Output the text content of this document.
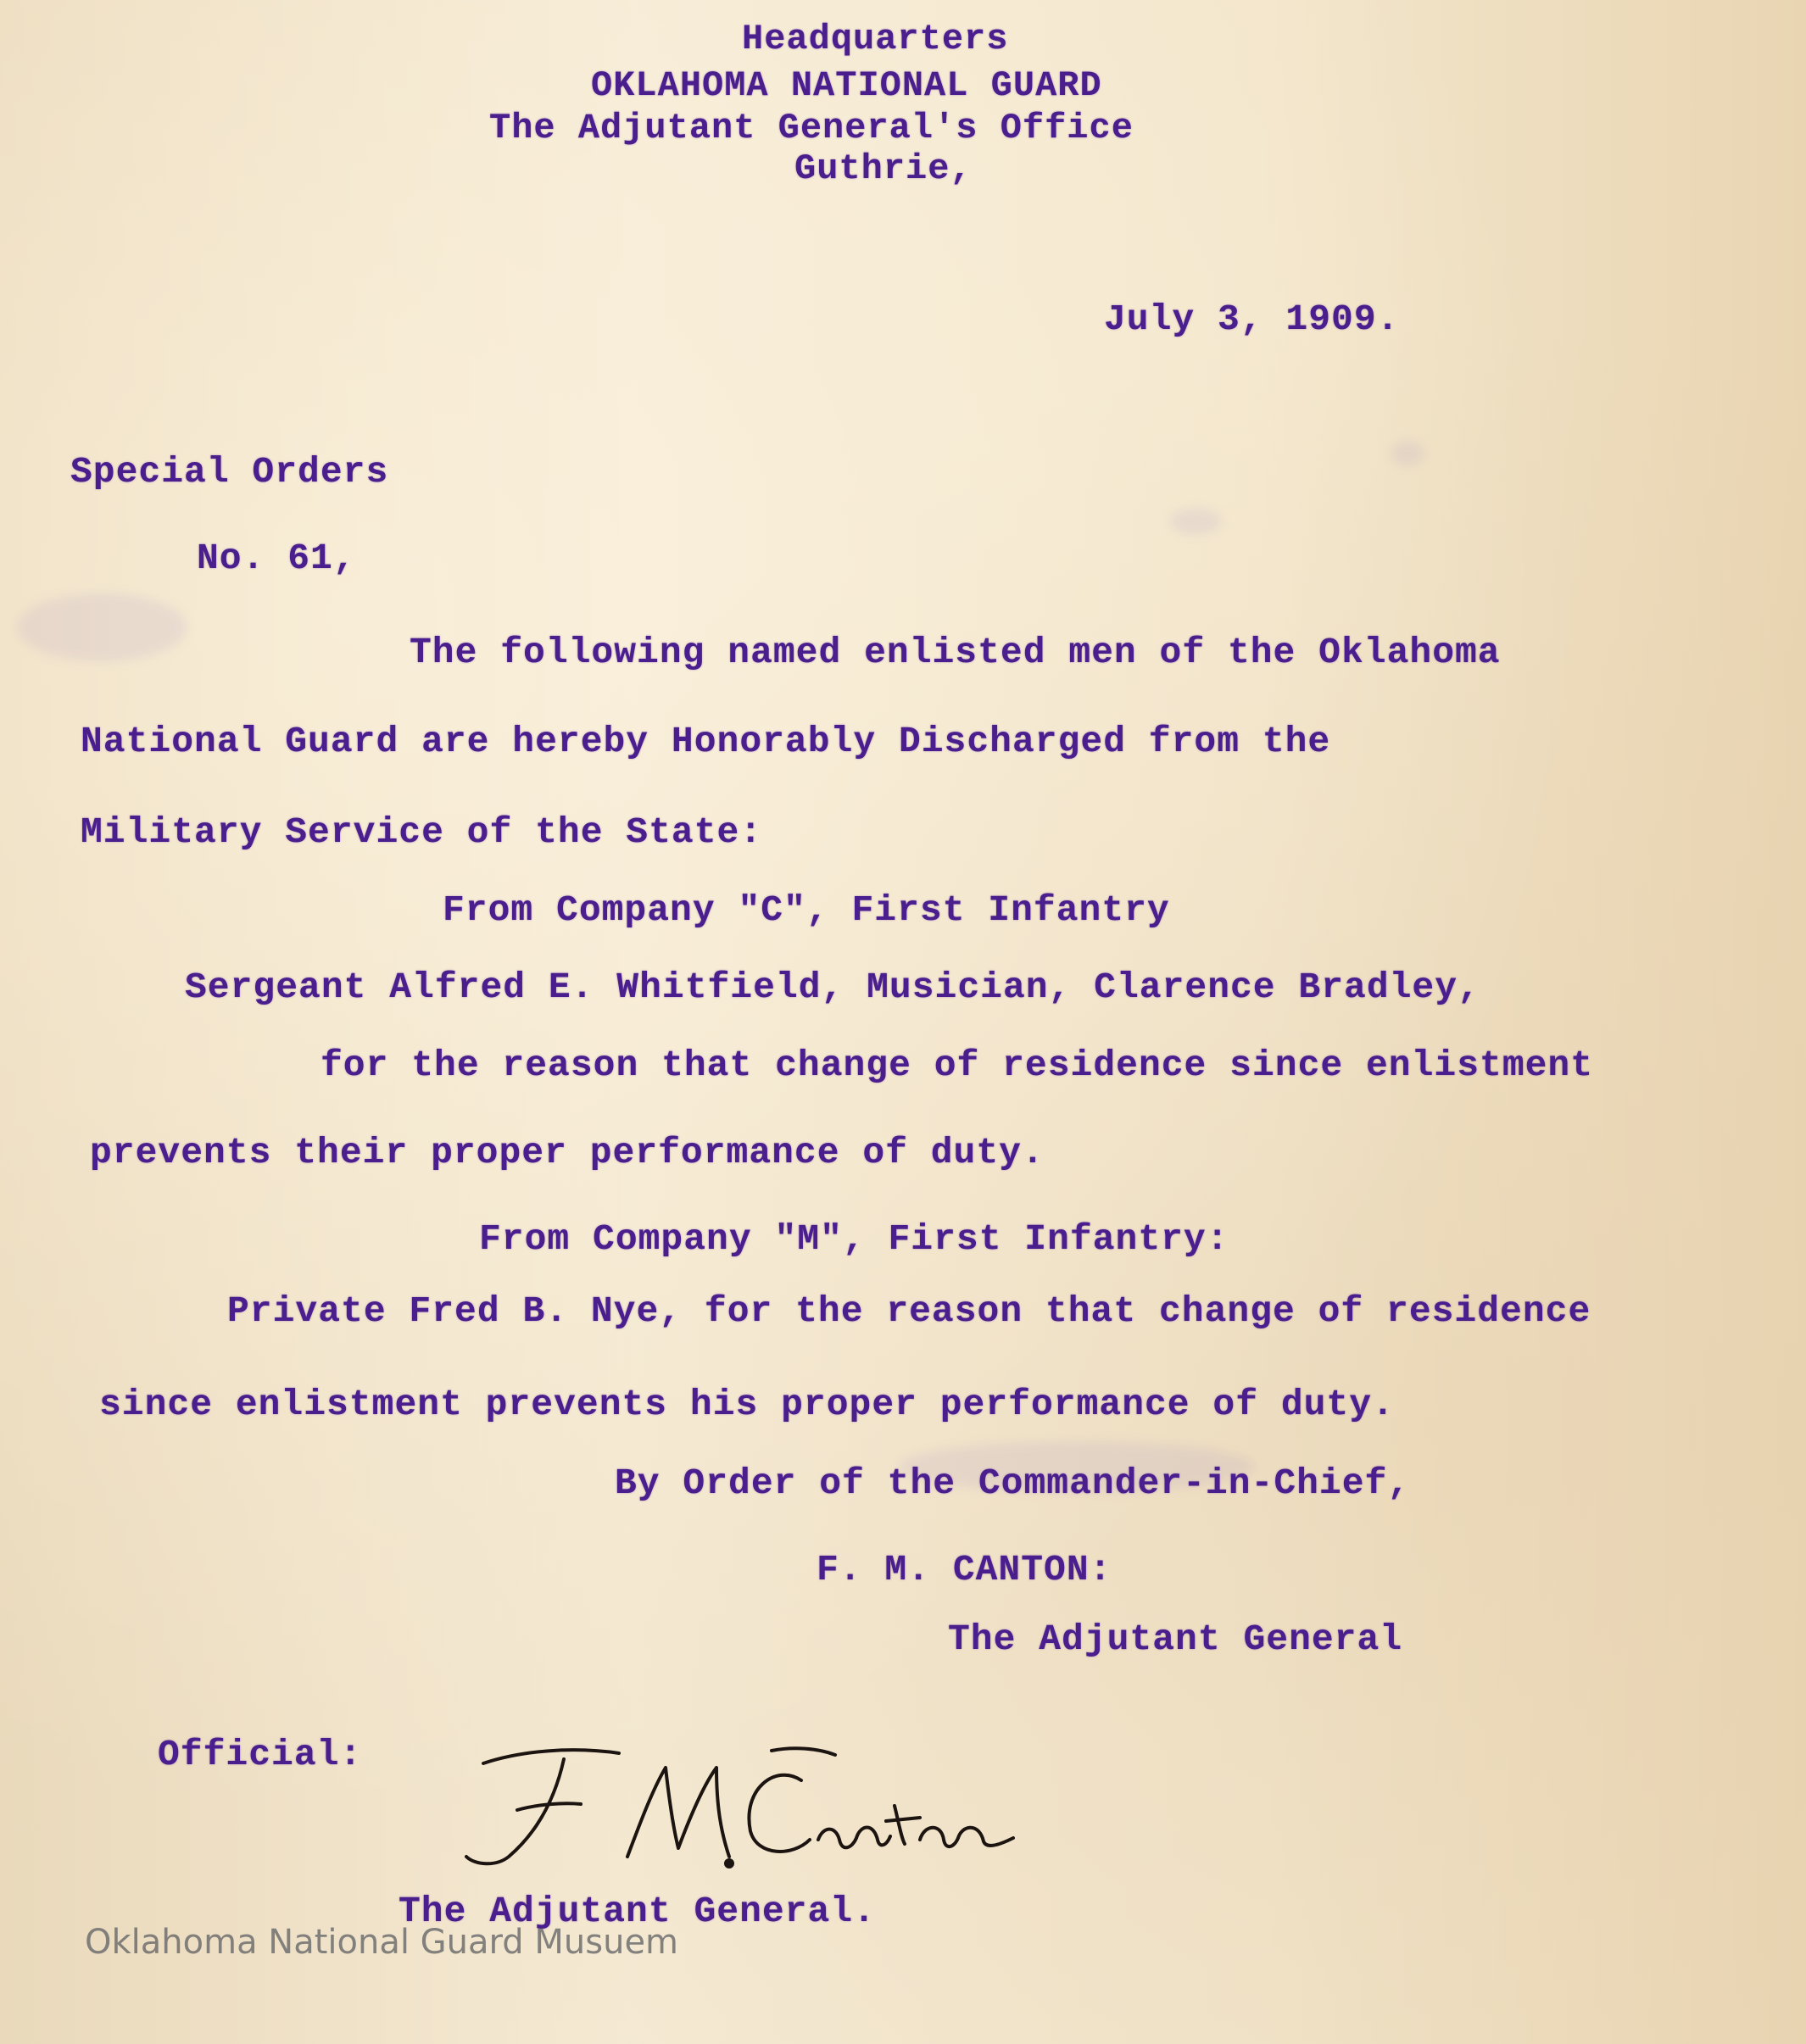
Headquarters
OKLAHOMA NATIONAL GUARD
The Adjutant General's Office
Guthrie,
July 3, 1909.
Special Orders
No. 61,
The following named enlisted men of the Oklahoma
National Guard are hereby Honorably Discharged from the
Military Service of the State:
From Company "C", First Infantry
Sergeant Alfred E. Whitfield, Musician, Clarence Bradley,
for the reason that change of residence since enlistment
prevents their proper performance of duty.
From Company "M", First Infantry:
Private Fred B. Nye, for the reason that change of residence
since enlistment prevents his proper performance of duty.
By Order of the Commander-in-Chief,
F. M. CANTON:
The Adjutant General
Official:
The Adjutant General.
Oklahoma National Guard Musuem
